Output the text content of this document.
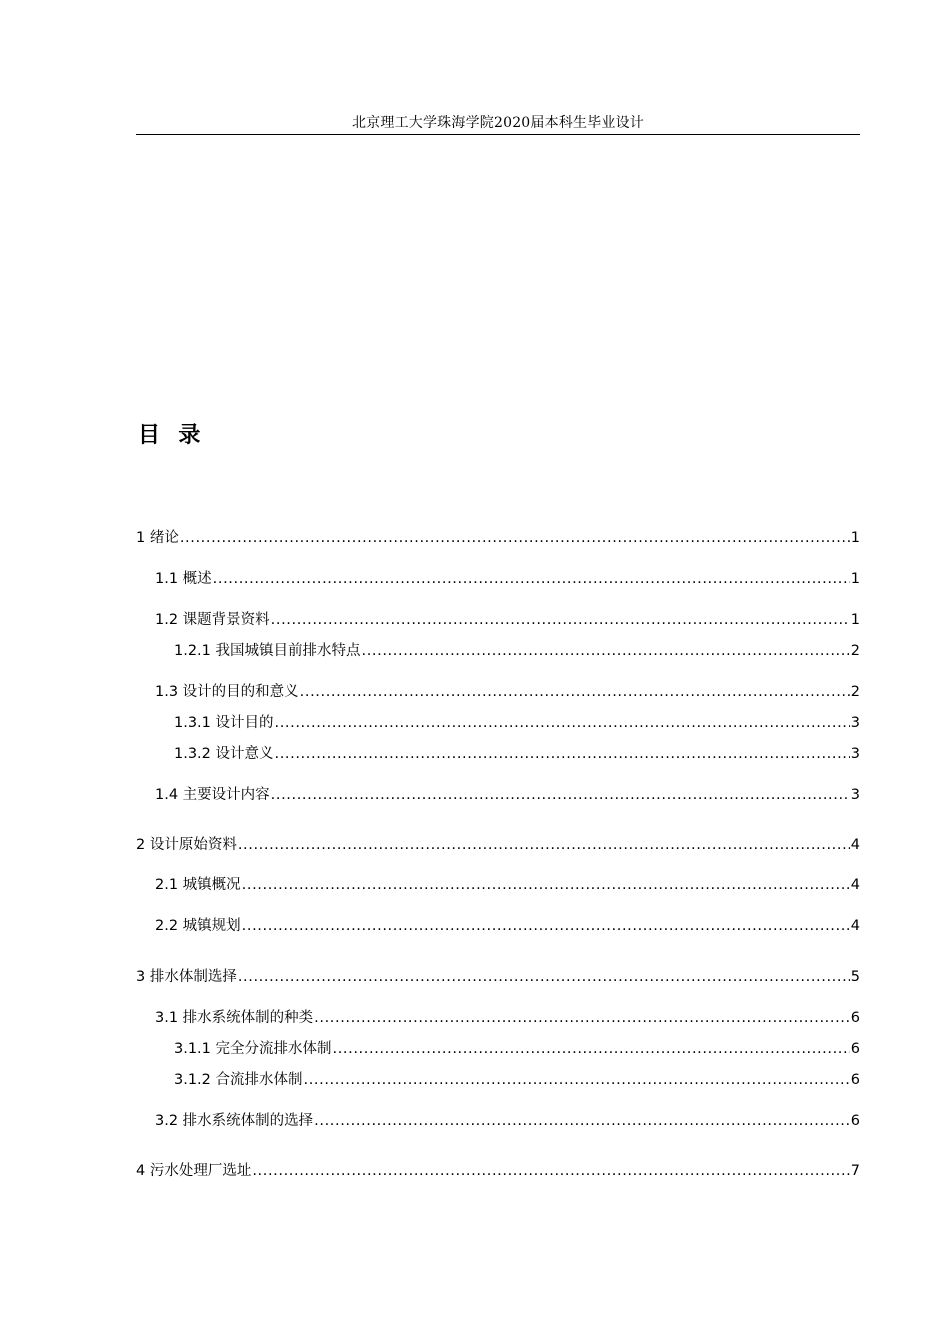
北京理工大学珠海学院2020届本科生毕业设计
目  录
1 绪论 .....	1
1.1 概述 .....	1
1.2 课题背景资料 .....	1
1.2.1 我国城镇目前排水特点 .....	2
1.3 设计的目的和意义 .....	2
1.3.1 设计目的 .....	3
1.3.2 设计意义 .....	3
1.4 主要设计内容 .....	3
2 设计原始资料 .....	4
2.1 城镇概况 .....	4
2.2 城镇规划 .....	4
3 排水体制选择 .....	5
3.1 排水系统体制的种类 .....	6
3.1.1 完全分流排水体制 .....	6
3.1.2 合流排水体制 .....	6
3.2 排水系统体制的选择 .....	6
4 污水处理厂选址 .....	7
